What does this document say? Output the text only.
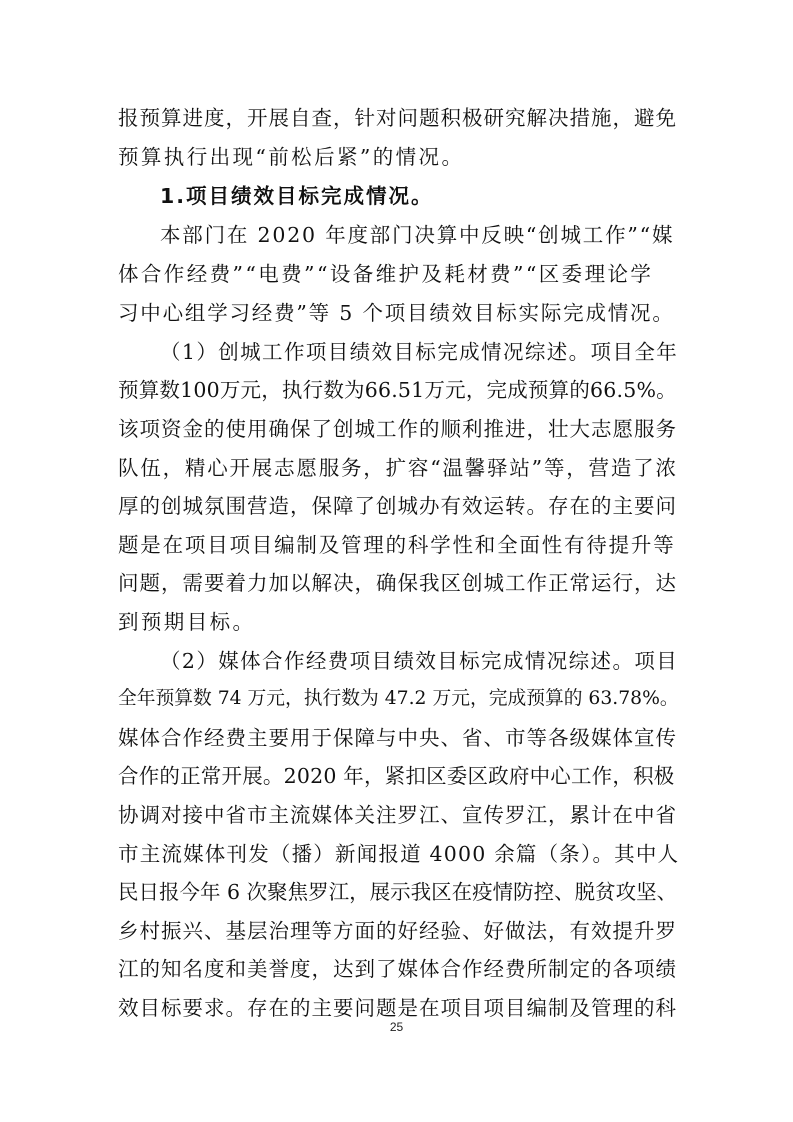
报预算进度，开展自查，针对问题积极研究解决措施，避免
预算执行出现“前松后紧”的情况。
1.项目绩效目标完成情况。
本部门在 2020 年度部门决算中反映“创城工作”“媒
体合作经费”“电费”“设备维护及耗材费”“区委理论学
习中心组学习经费”等 5 个项目绩效目标实际完成情况。
（1）创城工作项目绩效目标完成情况综述。项目全年
预算数100万元，执行数为66.51万元，完成预算的66.5%。
该项资金的使用确保了创城工作的顺利推进，壮大志愿服务
队伍，精心开展志愿服务，扩容“温馨驿站”等，营造了浓
厚的创城氛围营造，保障了创城办有效运转。存在的主要问
题是在项目项目编制及管理的科学性和全面性有待提升等
问题，需要着力加以解决，确保我区创城工作正常运行，达
到预期目标。
（2）媒体合作经费项目绩效目标完成情况综述。项目
全年预算数 74 万元，执行数为 47.2 万元，完成预算的 63.78%。
媒体合作经费主要用于保障与中央、省、市等各级媒体宣传
合作的正常开展。2020 年，紧扣区委区政府中心工作，积极
协调对接中省市主流媒体关注罗江、宣传罗江，累计在中省
市主流媒体刊发（播）新闻报道 4000 余篇（条）。其中人
民日报今年 6 次聚焦罗江，展示我区在疫情防控、脱贫攻坚、
乡村振兴、基层治理等方面的好经验、好做法，有效提升罗
江的知名度和美誉度，达到了媒体合作经费所制定的各项绩
效目标要求。存在的主要问题是在项目项目编制及管理的科
25
